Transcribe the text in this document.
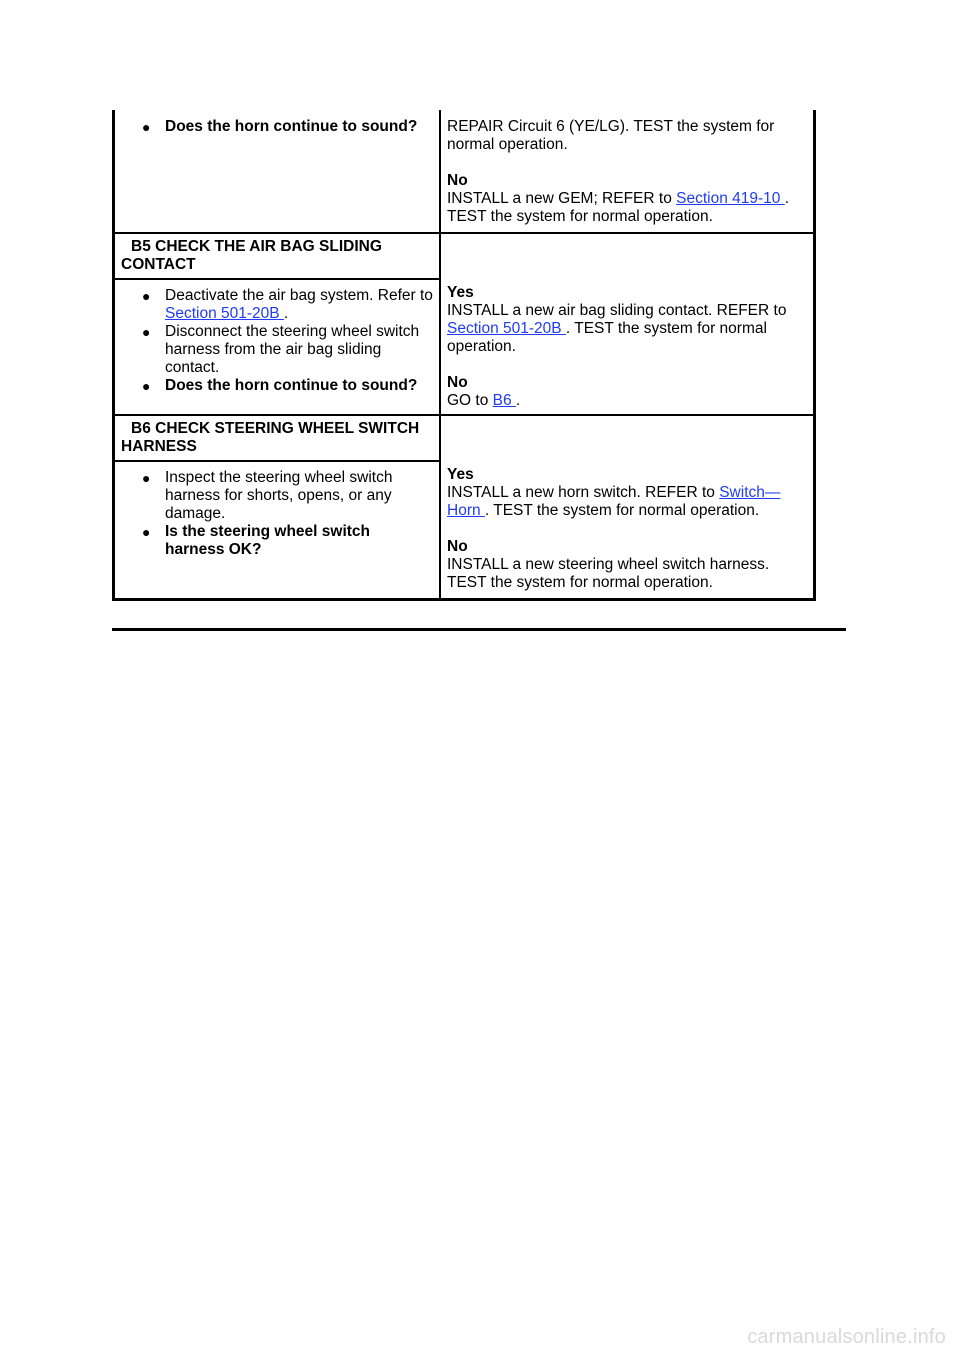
● Does the horn continue to sound?	REPAIR Circuit 6 (YE/LG). TEST the system for normal operation.
No
INSTALL a new GEM; REFER to Section 419-10 . TEST the system for normal operation.
B5 CHECK THE AIR BAG SLIDING CONTACT
● Deactivate the air bag system. Refer to Section 501-20B .
● Disconnect the steering wheel switch harness from the air bag sliding contact.
● Does the horn continue to sound?
Yes
INSTALL a new air bag sliding contact. REFER to Section 501-20B . TEST the system for normal operation.
No
GO to B6 .
B6 CHECK STEERING WHEEL SWITCH HARNESS
● Inspect the steering wheel switch harness for shorts, opens, or any damage.
● Is the steering wheel switch harness OK?
Yes
INSTALL a new horn switch. REFER to Switch—Horn . TEST the system for normal operation.
No
INSTALL a new steering wheel switch harness. TEST the system for normal operation.
carmanualsonline.info
